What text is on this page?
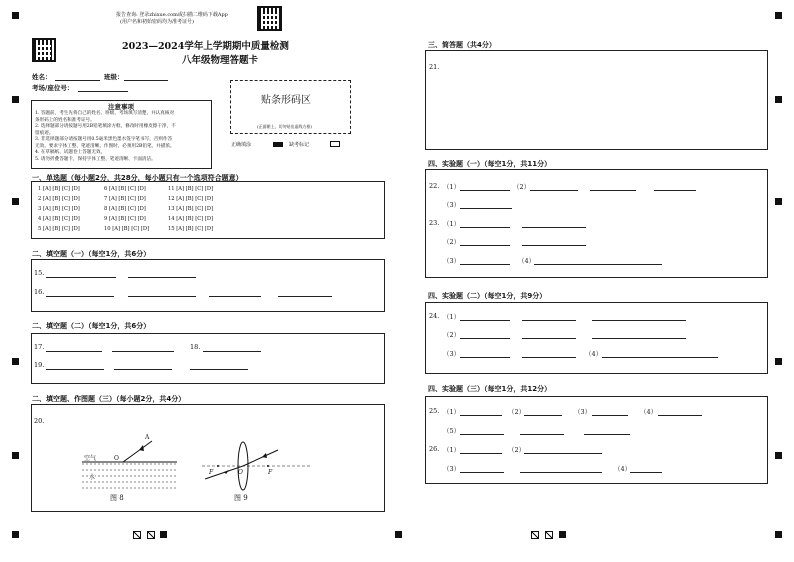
报告查询: 登录zhixue.com或扫描二维码下载App
(用户名和初始密码均为准考证号)
2023—2024学年上学期期中质量检测
八年级物理答题卡
姓名：	班级：
考场/座位号：
贴条形码区
(正面朝上，切勿贴出虚线方框)
正确填涂	缺考标记
注意事项
1. 答题前，考生先将自己的姓名、班级、考场填写清楚，并认真核对
条形码上的姓名和准考证号。
2. 选择题部分请按题号用2B铅笔填涂方框，修改时用橡皮擦干净，不
留痕迹。
3. 非选择题部分请按题号用0.5毫米黑色墨水签字笔书写，否则作答
无效。要求字体工整、笔迹清晰。作图时，必须用2B铅笔，并描浓。
4. 在草稿纸、试题卷上答题无效。
5. 请勿折叠答题卡，保持字体工整、笔迹清晰、卡面清洁。
一、单选题（每小题2分，共28分，每小题只有一个选项符合题意）
1 [A] [B] [C] [D]	6 [A] [B] [C] [D]	11 [A] [B] [C] [D]
2 [A] [B] [C] [D]	7 [A] [B] [C] [D]	12 [A] [B] [C] [D]
3 [A] [B] [C] [D]	8 [A] [B] [C] [D]	13 [A] [B] [C] [D]
4 [A] [B] [C] [D]	9 [A] [B] [C] [D]	14 [A] [B] [C] [D]
5 [A] [B] [C] [D]	10 [A] [B] [C] [D]	15 [A] [B] [C] [D]
二、填空题（一）（每空1分，共6分）
15.
16.
二、填空题（二）（每空1分，共6分）
17.	18.
19.
二、填空题、作图题（三）（每小题2分，共4分）
20.
空气
水
A
O
图 8
F	O	F
图 9
三、简答题（共4分）
21.
四、实验题（一）（每空1分，共11分）
22. （1）	（2）
（3）
23. （1）
（2）
（3）	（4）
四、实验题（二）（每空1分，共9分）
24. （1）
（2）
（3）	（4）
四、实验题（三）（每空1分，共12分）
25. （1）	（2）	（3）	（4）
（5）
26. （1）	（2）
（3）	（4）
